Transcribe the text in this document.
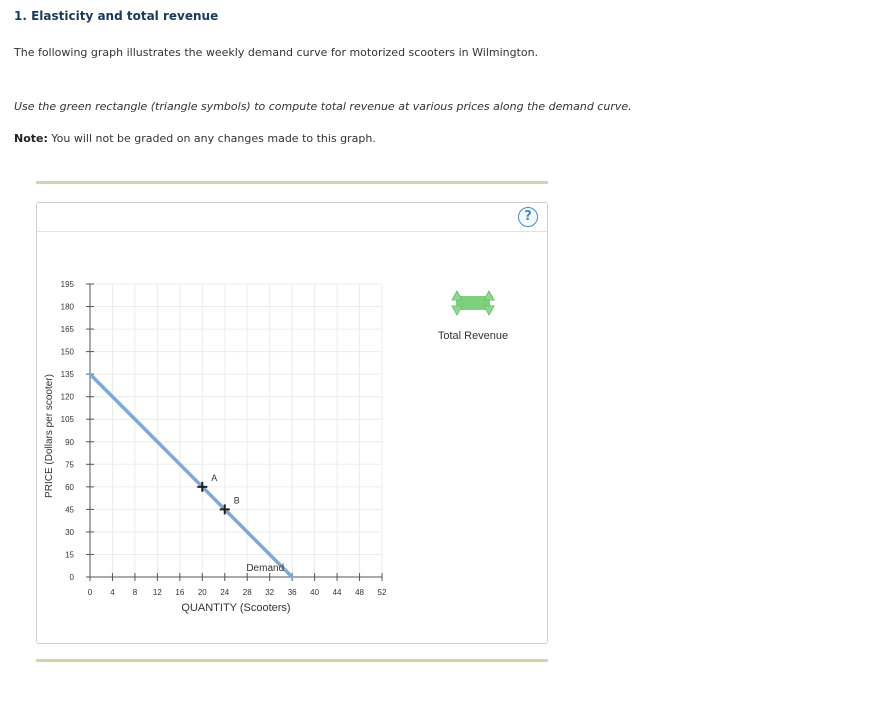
1. Elasticity and total revenue

The following graph illustrates the weekly demand curve for motorized scooters in Wilmington.

Use the green rectangle (triangle symbols) to compute total revenue at various prices along the demand curve.

Note: You will not be graded on any changes made to this graph.

?
0
15
30
45
60
75
90
105
120
135
150
165
180
195
0 4 8 12 16 20 24 28 32 36 40 44 48 52
Demand
A
B
PRICE (Dollars per scooter)
QUANTITY (Scooters)
Total Revenue
